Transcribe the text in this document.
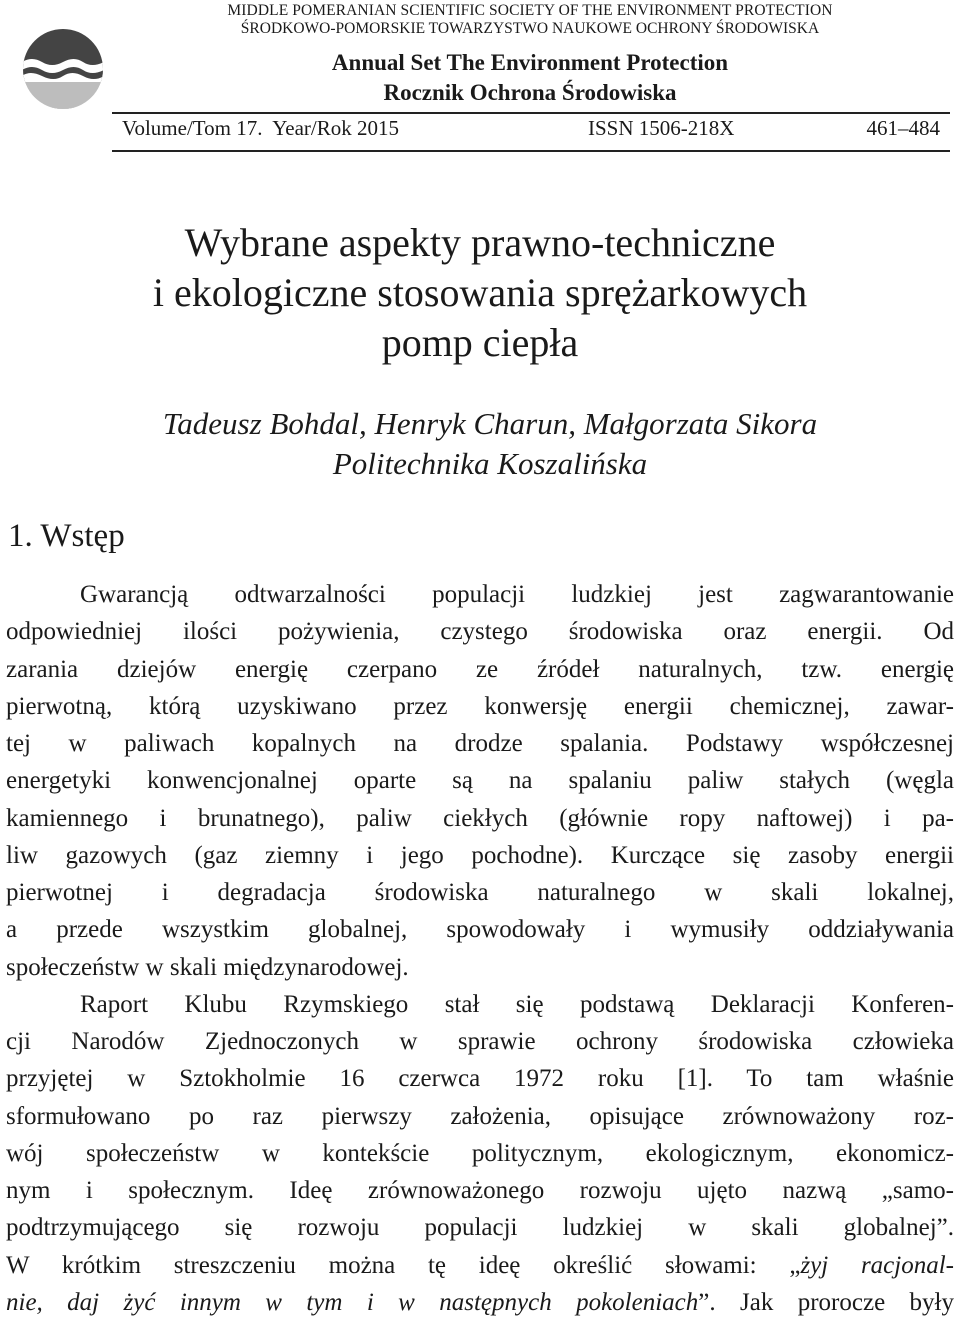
MIDDLE POMERANIAN SCIENTIFIC SOCIETY OF THE ENVIRONMENT PROTECTION
ŚRODKOWO-POMORSKIE TOWARZYSTWO NAUKOWE OCHRONY ŚRODOWISKA
Annual Set The Environment Protection
Rocznik Ochrona Środowiska
Volume/Tom 17. Year/Rok 2015	ISSN 1506-218X	461–484
Wybrane aspekty prawno-techniczne
i ekologiczne stosowania sprężarkowych
pomp ciepła
Tadeusz Bohdal, Henryk Charun, Małgorzata Sikora
Politechnika Koszalińska
1. Wstęp
Gwarancją odtwarzalności populacji ludzkiej jest zagwarantowanie
odpowiedniej ilości pożywienia, czystego środowiska oraz energii. Od
zarania dziejów energię czerpano ze źródeł naturalnych, tzw. energię
pierwotną, którą uzyskiwano przez konwersję energii chemicznej, zawar-
tej w paliwach kopalnych na drodze spalania. Podstawy współczesnej
energetyki konwencjonalnej oparte są na spalaniu paliw stałych (węgla
kamiennego i brunatnego), paliw ciekłych (głównie ropy naftowej) i pa-
liw gazowych (gaz ziemny i jego pochodne). Kurczące się zasoby energii
pierwotnej i degradacja środowiska naturalnego w skali lokalnej,
a przede wszystkim globalnej, spowodowały i wymusiły oddziaływania
społeczeństw w skali międzynarodowej.
Raport Klubu Rzymskiego stał się podstawą Deklaracji Konferen-
cji Narodów Zjednoczonych w sprawie ochrony środowiska człowieka
przyjętej w Sztokholmie 16 czerwca 1972 roku [1]. To tam właśnie
sformułowano po raz pierwszy założenia, opisujące zrównoważony roz-
wój społeczeństw w kontekście politycznym, ekologicznym, ekonomicz-
nym i społecznym. Ideę zrównoważonego rozwoju ujęto nazwą „samo-
podtrzymującego się rozwoju populacji ludzkiej w skali globalnej”.
W krótkim streszczeniu można tę ideę określić słowami: „żyj racjonal-
nie, daj żyć innym w tym i w następnych pokoleniach”. Jak prorocze były
